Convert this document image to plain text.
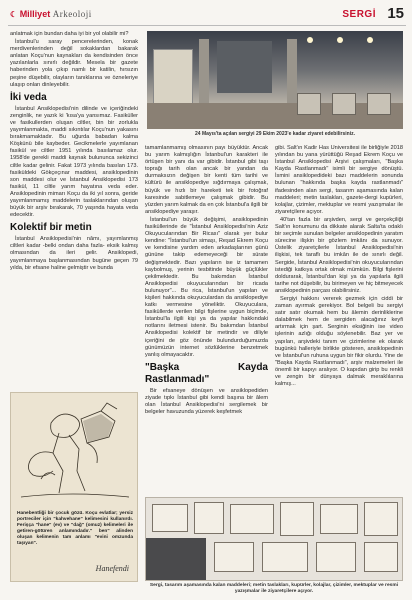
☾ Milliyet Arkeoloji	SERGİ 15

anlatmak için bundan daha iyi bir yol olabilir mi?

İstanbul'u saray pencerelerinden, konak merdivenlerinden değil sokaklardan bakarak anlatan Koçu'nun kaynakları da kendisinden önce yazılanlarla sınırlı değildir. Mesela bir gazete haberinden yola çıkıp namlı bir katilin, hırsızın peşine düşebilir, olayların tanıklarına ve özneleriye ulaşıp onları dinleyebilir.

İki veda

İstanbul Ansiklopedisi'nin dilinde ve içeriğindeki zenginlik, ne yazık ki 'kısa'ya yansımaz. Fasiküller ve fasikullerden oluşan ciltler, bin bir zorlukla yayımlanmakta, maddi sıkıntılar Koçu'nun yakasını bırakmamaktadır. Bu uğurda babadan kalma Köşkünü bile kaybeder. Gecikmelerle yayımlanan fasikül ve ciltler 1951 yılında basılamaz olur. 1958'de gerekli maddi kaynak bulununca sekizinci ciltle kadar gelinir. Fakat 1973 yılında basılan 173. fasiküldeki Gökçeçınar maddesi, ansiklopedinin son maddesi olur ve İstanbul Ansiklopedisi 173 fasikül, 11 ciltle yarım hayatına veda eder. Ansiklopedinin mimarı Koçu da iki yıl sonra, geride yayımlanmamış maddelerin taslaklarından oluşan büyük bir arşiv bırakarak, 70 yaşında hayata veda edecektir.

Kolektif bir metin

İstanbul Ansiklopedisi'nin nâmı, yayımlanmış ciltleri kadar -belki ondan daha fazla- eksik kalmış olmasından da ileri gelir. Ansiklopedi, yayımlanmaya başlanmasından bugüne geçen 79 yılda, bir efsane haline gelmiştir ve bunda

24 Mayıs'ta açılan sergiyi 29 Ekim 2023'e kadar ziyaret edebilirsiniz.

tamamlanmamış olmasının payı büyüktür. Ancak bu yarım kalmışlığın İstanbul'un karakteri ile örtüşen bir yanı da var gibidir. İstanbul gibi taşı toprağı tarih olan ancak bir yandan da durmaksızın değişen bir kenti tüm tarihi ve kültürü ile ansiklopediye sığdırmaya çalışmak, büyük ve hızlı bir hareketi tek bir fotoğraf karesinde sabitlemeye çalışmak gibidir. Bu yüzden yarım kalmak da en çok İstanbul'a ilgili bir ansiklopediye yaraşır.

İstanbul'un büyük değişimi, ansiklopedinin fasiküllerinde de "İstanbul Ansiklopedisi'nin Aziz Okuyucularından Bir Ricası" olarak yer bulur kendine: "İstanbul'un simaşı, Reşad Ekrem Koçu ve kendisine yardım eden arkadaşlarının günü gününe takip edemeyeceği bir sürate değişmektedir. Bazı yapıların ise iz tamamen kaybolmuş, yerinin tesbitinde büyük güçlükler çekilmektedir. Bu bakımdan İstanbul Ansiklopedisi okuyucularından bir ricada bulunuyor"... Bu rica, İstanbul'un yapıları ve kişileri hakkında okuyuculardan da ansiklopediye katkı vermesine yöneliktir. Okuyuculara, fasiküllerde verilen bilgi fişlerine uygun biçimde, İstanbul'la ilgili kişi ya da yapılar hakkındaki notlarını iletmesi istenir. Bu bakımdan İstanbul Ansiklopedisi kolektif bir metindir ve diliyle içeriğini de göz önünde bulundurduğumuzda günümüzün internet sözlüklerine benzetmek yanlış olmayacaktır.

"Başka Kayda Rastlanmadı"

Bir efsaneye dönüşen ve ansiklopediden ziyade tıpkı İstanbul gibi kendi başına bir âlem olan İstanbul Ansiklopedisi'ni sergilemek bir belgeler havuzunda yüzerek keşfetmek

gibi. Salt'ın Kadir Has Üniversitesi ile birliğiyle 2018 yılından bu yana yürüttüğü Reşad Ekrem Koçu ve İstanbul Ansiklopedisi Arşivi çalışmaları, "Başka Kayda Rastlanmadı" isimli bir sergiye dönüştü. İsmini ansiklopedideki bazı maddelerin sonunda bulunan "hakkında başka kayda rastlanmadı" ifadesinden alan sergi, tasarım aşamasında kalan maddeleri; metin taslakları, gazete-dergi kupürleri, kolajlar, çizimler, mektuplar ve resmi yazışmalar ile ziyaretçilere açıyor.

40'tan fazla bir arşivden, sergi ve gerçekçiliği Salt'ın konumunu da dikkate alarak Salta'ta odaklı bir seçimle sunulan belgeler ansiklopedinin yaratım sürecine ilişkin bir gözlem imkânı da sunuyor. Üstelik ziyaretçilerle İstanbul Ansiklopedisi'nin ilişkisi, tek taraflı bu imkân ile de sınırlı değil. Sergide, İstanbul Ansiklopedisi'nin okuyucularından istediği katkıya ortak olmak mümkün. Bilgi fişlerini doldurarak, İstanbul'dan kişi ya da yapılarla ilgili tarihe not düşebilir, bu birimeyen ve hiç bitmeyecek ansiklopedinin parçası olabilirsiniz.

Sergiyi hakkını vererek gezmek için ciddi bir zaman ayırmak gerekiyor. Bol belgeli bu sergiyi satır satır okumak hem bu âlemin derinliklerine dalabilmek hem de sergiden alacağınız keyfi artırmak için şart. Serginin eksiğinin ise video işlerinin azlığı olduğu söylenebilir. Baz yer ve yapıları, arşivdeki tanım ve çizimlerine ek olarak bugünkü halleriyle birlikte gösteren, ansiklopedinin ve İstanbul'un ruhuna uygun bir fikir olurdu. Yine de "Başka Kayda Rastlanmadı", arşiv malzemeleri ile önemli bir kapıyı aralıyor. O kapıdan girip bu renkli ve zengin bir dünyaya dalmak meraklılarına kalmış...

Hanebentliği bir çocuk gözü. Koçu evlatlar; yersiz portreciler için "kahvehane" kelimesini kullanırdı. Ferişça "hane" (ev) ve "dağ" (omuz) kelimeleri ile getiren-götüren anlamındadır." ben" alinden oluşan kelimenin tam anlamı "evini omzunda taşıyan".
Hanefendi
Sergi, tasarım aşamasında kalan maddeleri; metin taslakları, kupürler, kolajlar, çizimler, mektuplar ve resmi yazışmalar ile ziyaretçilere açıyor.
